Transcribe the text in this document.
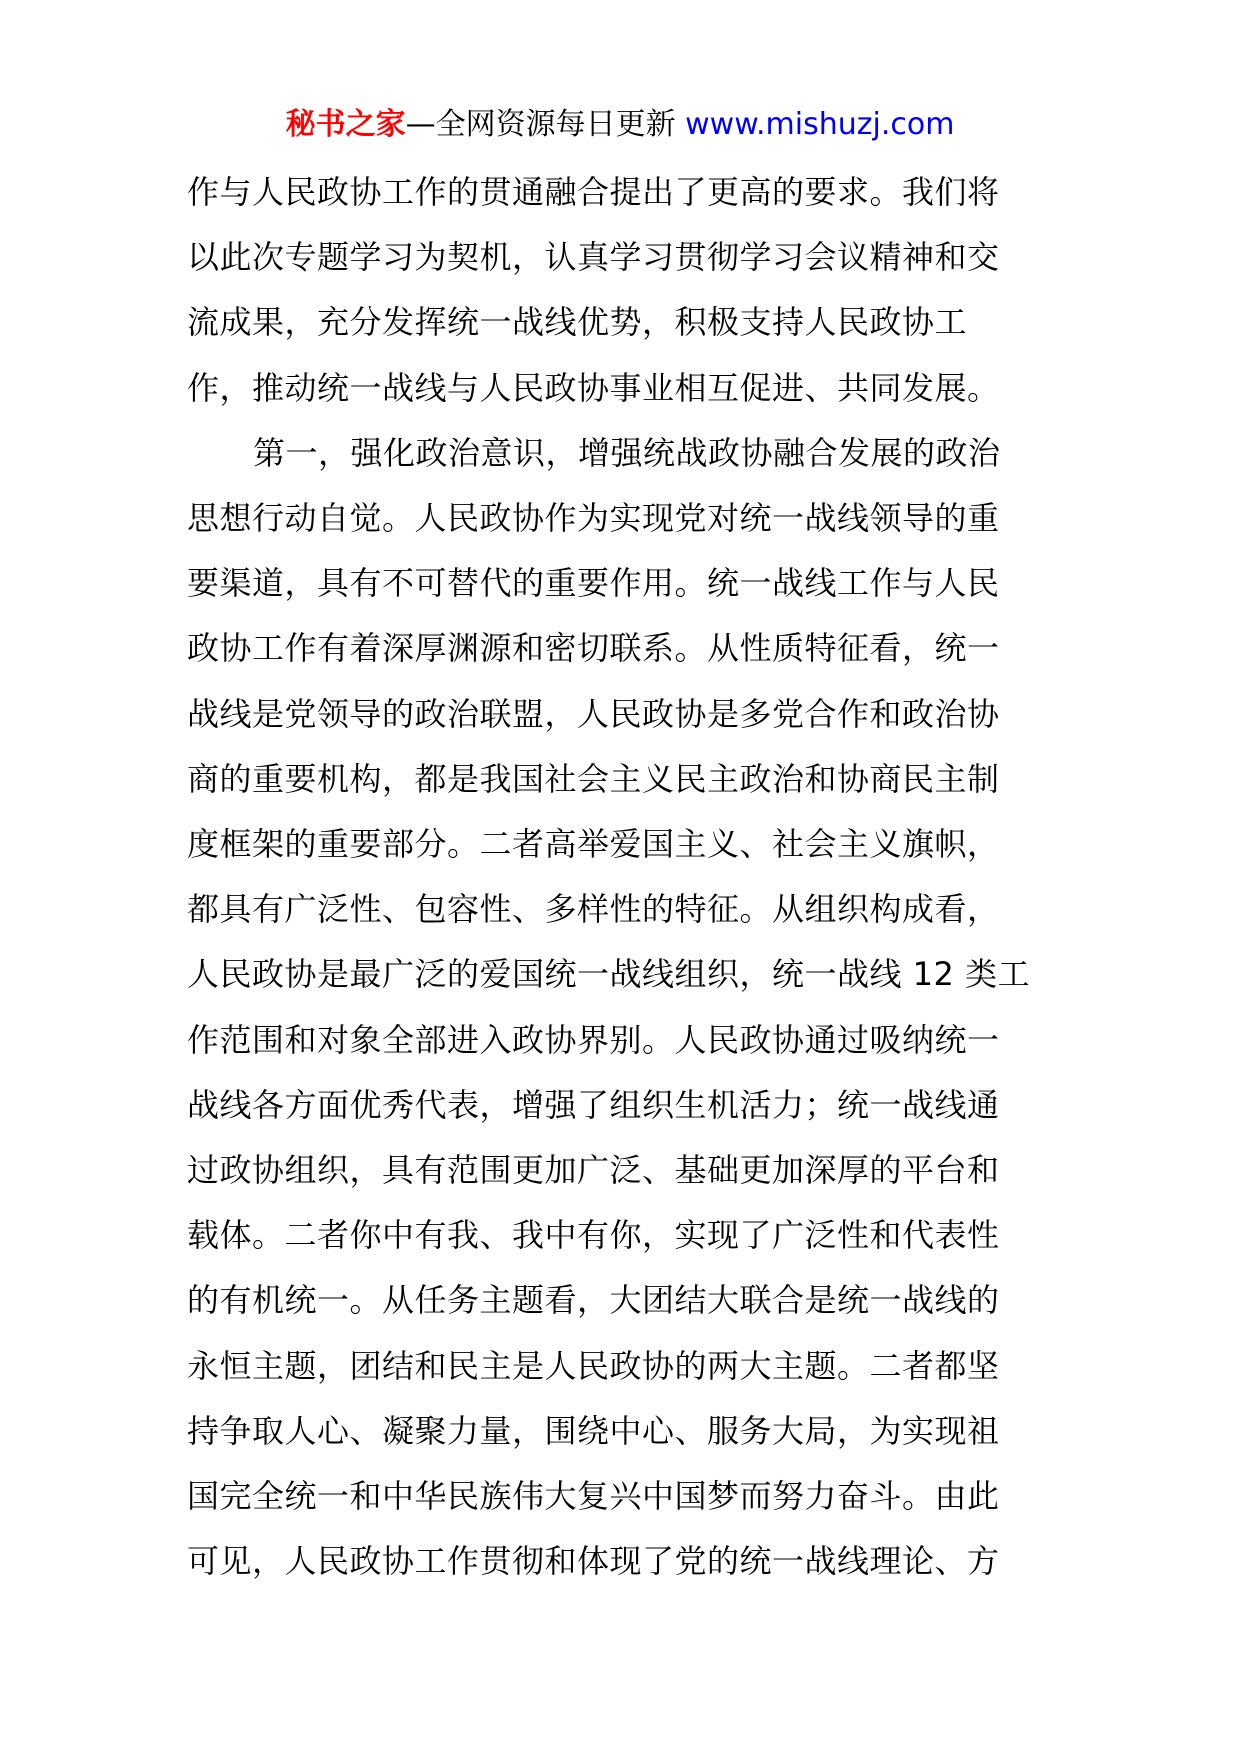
秘书之家—全网资源每日更新 www.mishuzj.com
作与人民政协工作的贯通融合提出了更高的要求。我们将
以此次专题学习为契机，认真学习贯彻学习会议精神和交
流成果，充分发挥统一战线优势，积极支持人民政协工
作，推动统一战线与人民政协事业相互促进、共同发展。
第一，强化政治意识，增强统战政协融合发展的政治
思想行动自觉。人民政协作为实现党对统一战线领导的重
要渠道，具有不可替代的重要作用。统一战线工作与人民
政协工作有着深厚渊源和密切联系。从性质特征看，统一
战线是党领导的政治联盟，人民政协是多党合作和政治协
商的重要机构，都是我国社会主义民主政治和协商民主制
度框架的重要部分。二者高举爱国主义、社会主义旗帜，
都具有广泛性、包容性、多样性的特征。从组织构成看，
人民政协是最广泛的爱国统一战线组织，统一战线 12 类工
作范围和对象全部进入政协界别。人民政协通过吸纳统一
战线各方面优秀代表，增强了组织生机活力；统一战线通
过政协组织，具有范围更加广泛、基础更加深厚的平台和
载体。二者你中有我、我中有你，实现了广泛性和代表性
的有机统一。从任务主题看，大团结大联合是统一战线的
永恒主题，团结和民主是人民政协的两大主题。二者都坚
持争取人心、凝聚力量，围绕中心、服务大局，为实现祖
国完全统一和中华民族伟大复兴中国梦而努力奋斗。由此
可见，人民政协工作贯彻和体现了党的统一战线理论、方
